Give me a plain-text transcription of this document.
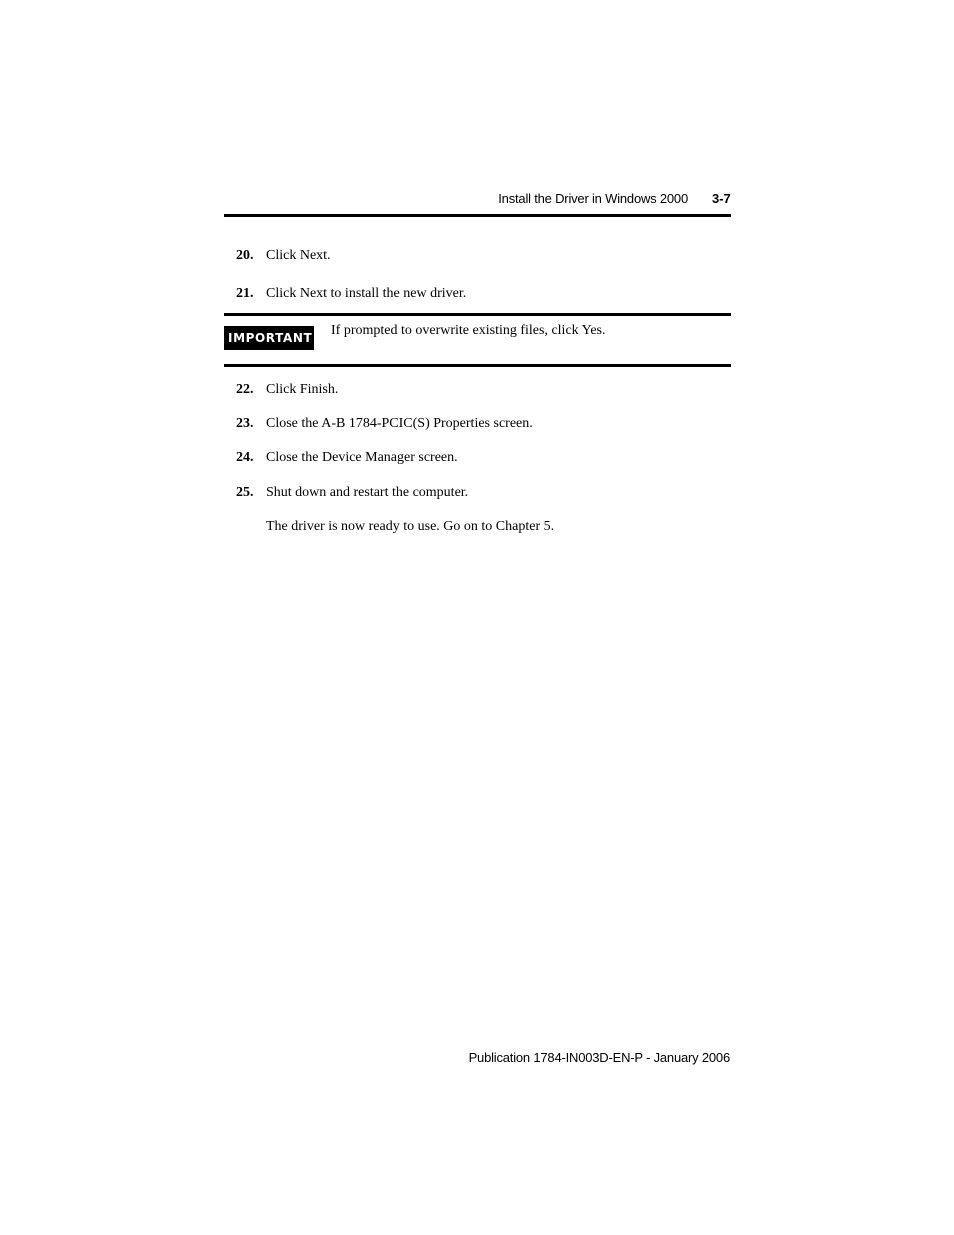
Install the Driver in Windows 2000 3-7
20. Click Next.
21. Click Next to install the new driver.
IMPORTANT If prompted to overwrite existing files, click Yes.
22. Click Finish.
23. Close the A-B 1784-PCIC(S) Properties screen.
24. Close the Device Manager screen.
25. Shut down and restart the computer.
The driver is now ready to use. Go on to Chapter 5.
Publication 1784-IN003D-EN-P - January 2006
